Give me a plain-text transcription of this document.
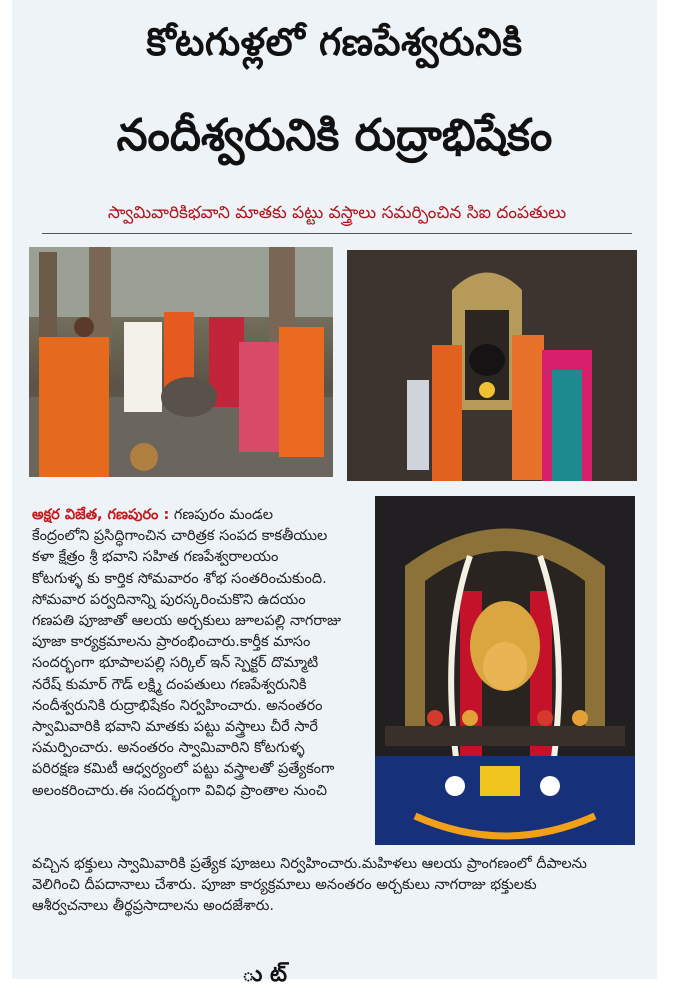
కోటగుళ్లలో గణపేశ్వరునికి
నందీశ్వరునికి రుద్రాభిషేకం
స్వామివారికిభవాని మాతకు పట్టు వస్త్రాలు సమర్పించిన సిఐ దంపతులు
అక్షర విజేత, గణపురం : గణపురం మండల
కేంద్రంలోని ప్రసిద్ధిగాంచిన చారిత్రక సంపద కాకతీయుల
కళా క్షేత్రం శ్రీ భవాని సహిత గణపేశ్వరాలయం
కోటగుళ్ళ కు కార్తిక సోమవారం శోభ సంతరించుకుంది.
సోమవార పర్వదినాన్ని పురస్కరించుకొని ఉదయం
గణపతి పూజాతో ఆలయ అర్చకులు జూలపల్లి నాగరాజు
పూజా కార్యక్రమాలను ప్రారంభించారు.కార్తీక మాసం
సందర్భంగా భూపాలపల్లి సర్కిల్ ఇన్ స్పెక్టర్ దొమ్మాటి
నరేష్ కుమార్ గౌడ్ లక్ష్మి దంపతులు గణపేశ్వరునికి
నందీశ్వరునికి రుద్రాభిషేకం నిర్వహించారు. అనంతరం
స్వామివారికి భవాని మాతకు పట్టు వస్త్రాలు చీరే సారే
సమర్పించారు. అనంతరం స్వామివారిని కోటగుళ్ళ
పరిరక్షణ కమిటీ ఆధ్వర్యంలో పట్టు వస్త్రాలతో ప్రత్యేకంగా
అలంకరించారు.ఈ సందర్భంగా వివిధ ప్రాంతాల నుంచి
వచ్చిన భక్తులు స్వామివారికి ప్రత్యేక పూజలు నిర్వహించారు.మహిళలు ఆలయ ప్రాంగణంలో దీపాలను
వెలిగించి దీపదానాలు చేశారు. పూజా కార్యక్రమాలు అనంతరం అర్చకులు నాగరాజు భక్తులకు
ఆశీర్వచనాలు తీర్థప్రసాదాలను అందజేశారు.
ు ట్
